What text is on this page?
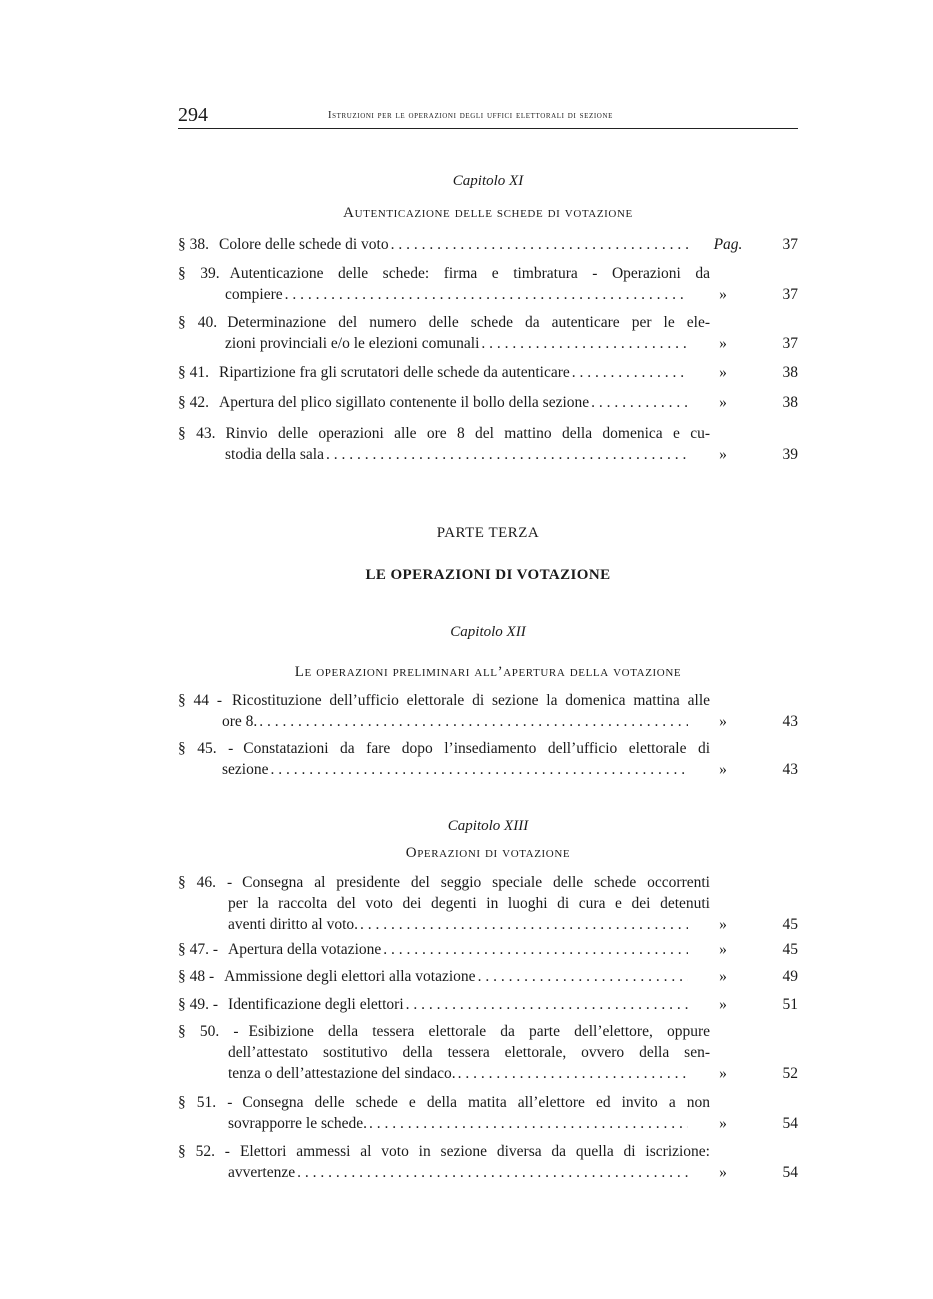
294	Istruzioni per le operazioni degli uffici elettorali di sezione
Capitolo XI
Autenticazione delle schede di votazione
§ 38. Colore delle schede di voto . . .	Pag.	37
§ 39. Autenticazione delle schede: firma e timbratura - Operazioni da
compiere . . .	»	37
§ 40. Determinazione del numero delle schede da autenticare per le ele-
zioni provinciali e/o le elezioni comunali . . .	»	37
§ 41. Ripartizione fra gli scrutatori delle schede da autenticare . . .	»	38
§ 42. Apertura del plico sigillato contenente il bollo della sezione . . .	»	38
§ 43. Rinvio delle operazioni alle ore 8 del mattino della domenica e cu-
stodia della sala . . .	»	39
PARTE TERZA
LE OPERAZIONI DI VOTAZIONE
Capitolo XII
Le operazioni preliminari all’apertura della votazione
§ 44 - Ricostituzione dell’ufficio elettorale di sezione la domenica mattina alle
ore 8. . . .	»	43
§ 45. - Constatazioni da fare dopo l’insediamento dell’ufficio elettorale di
sezione . . .	»	43
Capitolo XIII
Operazioni di votazione
§ 46. - Consegna al presidente del seggio speciale delle schede occorrenti
per la raccolta del voto dei degenti in luoghi di cura e dei detenuti
aventi diritto al voto. . . .	»	45
§ 47. - Apertura della votazione . . .	»	45
§ 48 - Ammissione degli elettori alla votazione . . .	»	49
§ 49. - Identificazione degli elettori . . .	»	51
§ 50. - Esibizione della tessera elettorale da parte dell’elettore, oppure
dell’attestato sostitutivo della tessera elettorale, ovvero della sen-
tenza o dell’attestazione del sindaco. . . .	»	52
§ 51. - Consegna delle schede e della matita all’elettore ed invito a non
sovrapporre le schede. . . .	»	54
§ 52. - Elettori ammessi al voto in sezione diversa da quella di iscrizione:
avvertenze . . .	»	54
